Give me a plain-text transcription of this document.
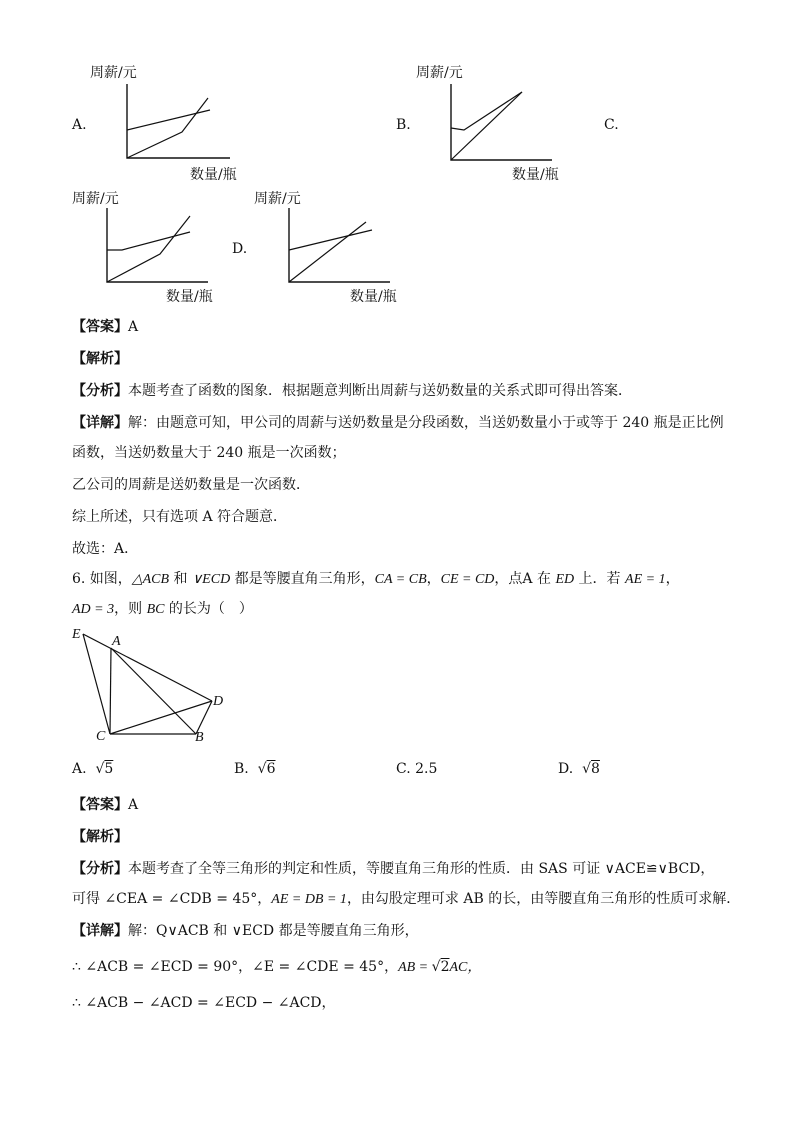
周薪/元
A.
数量/瓶
周薪/元
B.
数量/瓶
C.
周薪/元
数量/瓶
周薪/元
D.
数量/瓶
【答案】A
【解析】
【分析】本题考查了函数的图象．根据题意判断出周薪与送奶数量的关系式即可得出答案．
【详解】解：由题意可知，甲公司的周薪与送奶数量是分段函数，当送奶数量小于或等于 240 瓶是正比例
函数，当送奶数量大于 240 瓶是一次函数；
乙公司的周薪是送奶数量是一次函数．
综上所述，只有选项 A 符合题意．
故选：A．
6. 如图，△ACB 和 ∨ECD 都是等腰直角三角形，CA = CB，CE = CD，点A 在 ED 上．若 AE = 1，
AD = 3，则 BC 的长为（　）
E A
D
C	B
A. √5	B. √6	C. 2.5	D. √8
【答案】A
【解析】
【分析】本题考查了全等三角形的判定和性质，等腰直角三角形的性质．由 SAS 可证 ∨ACE≌∨BCD，
可得 ∠CEA = ∠CDB = 45°，AE = DB = 1，由勾股定理可求 AB 的长，由等腰直角三角形的性质可求解．
【详解】解：Q∨ACB 和 ∨ECD 都是等腰直角三角形，
∴ ∠ACB = ∠ECD = 90°，∠E = ∠CDE = 45°，AB = √2AC，
∴ ∠ACB − ∠ACD = ∠ECD − ∠ACD，
